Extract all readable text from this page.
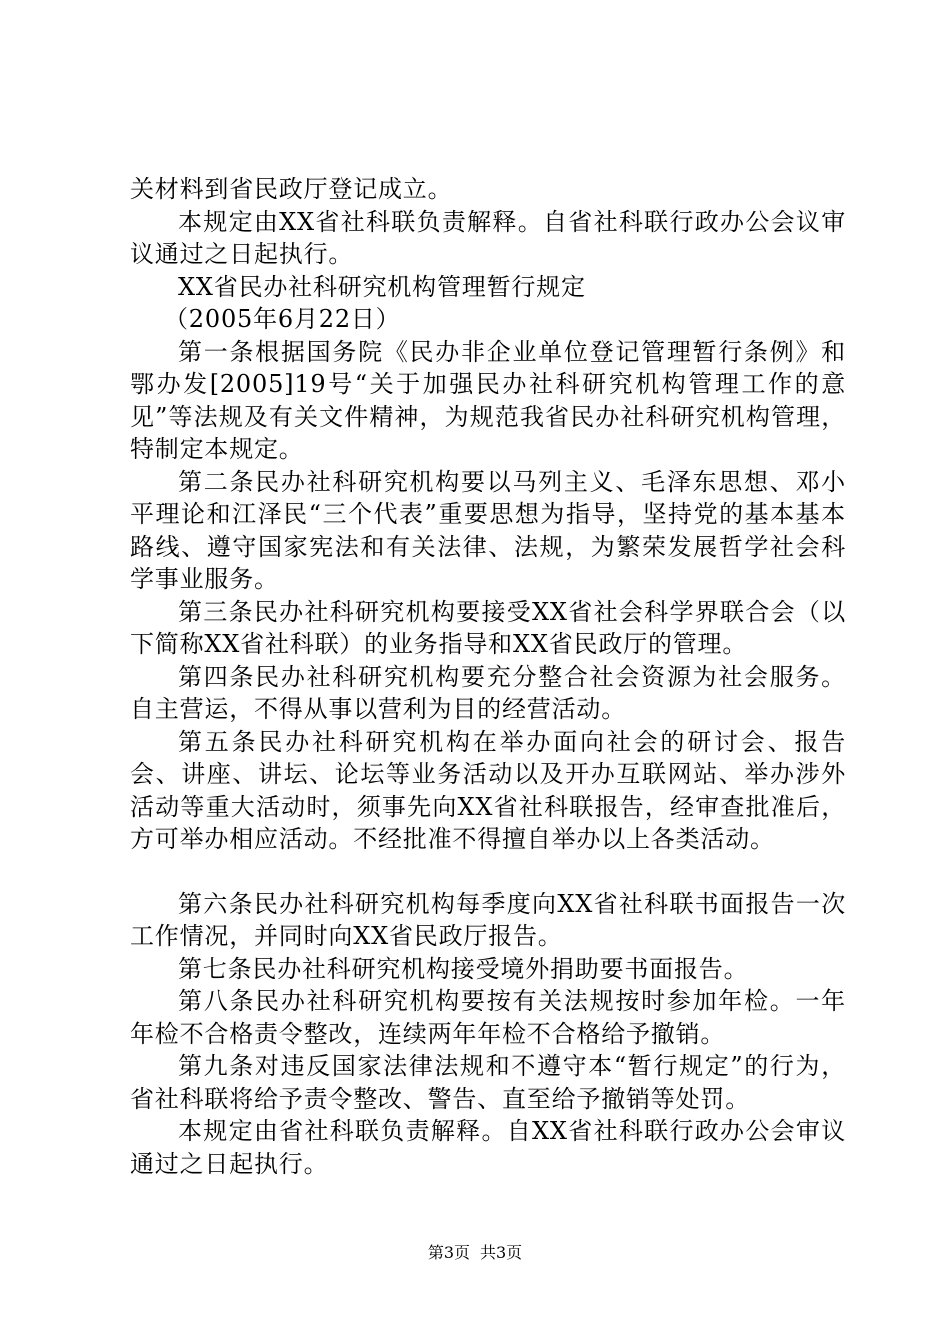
关材料到省民政厅登记成立。

本规定由XX省社科联负责解释。自省社科联行政办公会议审议通过之日起执行。

XX省民办社科研究机构管理暂行规定

（2005年6月22日）

第一条根据国务院《民办非企业单位登记管理暂行条例》和鄂办发[2005]19号“关于加强民办社科研究机构管理工作的意见”等法规及有关文件精神，为规范我省民办社科研究机构管理，特制定本规定。

第二条民办社科研究机构要以马列主义、毛泽东思想、邓小平理论和江泽民“三个代表”重要思想为指导，坚持党的基本基本路线、遵守国家宪法和有关法律、法规，为繁荣发展哲学社会科学事业服务。

第三条民办社科研究机构要接受XX省社会科学界联合会（以下简称XX省社科联）的业务指导和XX省民政厅的管理。

第四条民办社科研究机构要充分整合社会资源为社会服务。自主营运，不得从事以营利为目的经营活动。

第五条民办社科研究机构在举办面向社会的研讨会、报告会、讲座、讲坛、论坛等业务活动以及开办互联网站、举办涉外活动等重大活动时，须事先向XX省社科联报告，经审查批准后，方可举办相应活动。不经批准不得擅自举办以上各类活动。

第六条民办社科研究机构每季度向XX省社科联书面报告一次工作情况，并同时向XX省民政厅报告。

第七条民办社科研究机构接受境外捐助要书面报告。

第八条民办社科研究机构要按有关法规按时参加年检。一年年检不合格责令整改，连续两年年检不合格给予撤销。

第九条对违反国家法律法规和不遵守本“暂行规定”的行为，省社科联将给予责令整改、警告、直至给予撤销等处罚。

本规定由省社科联负责解释。自XX省社科联行政办公会审议通过之日起执行。

第3页 共3页
